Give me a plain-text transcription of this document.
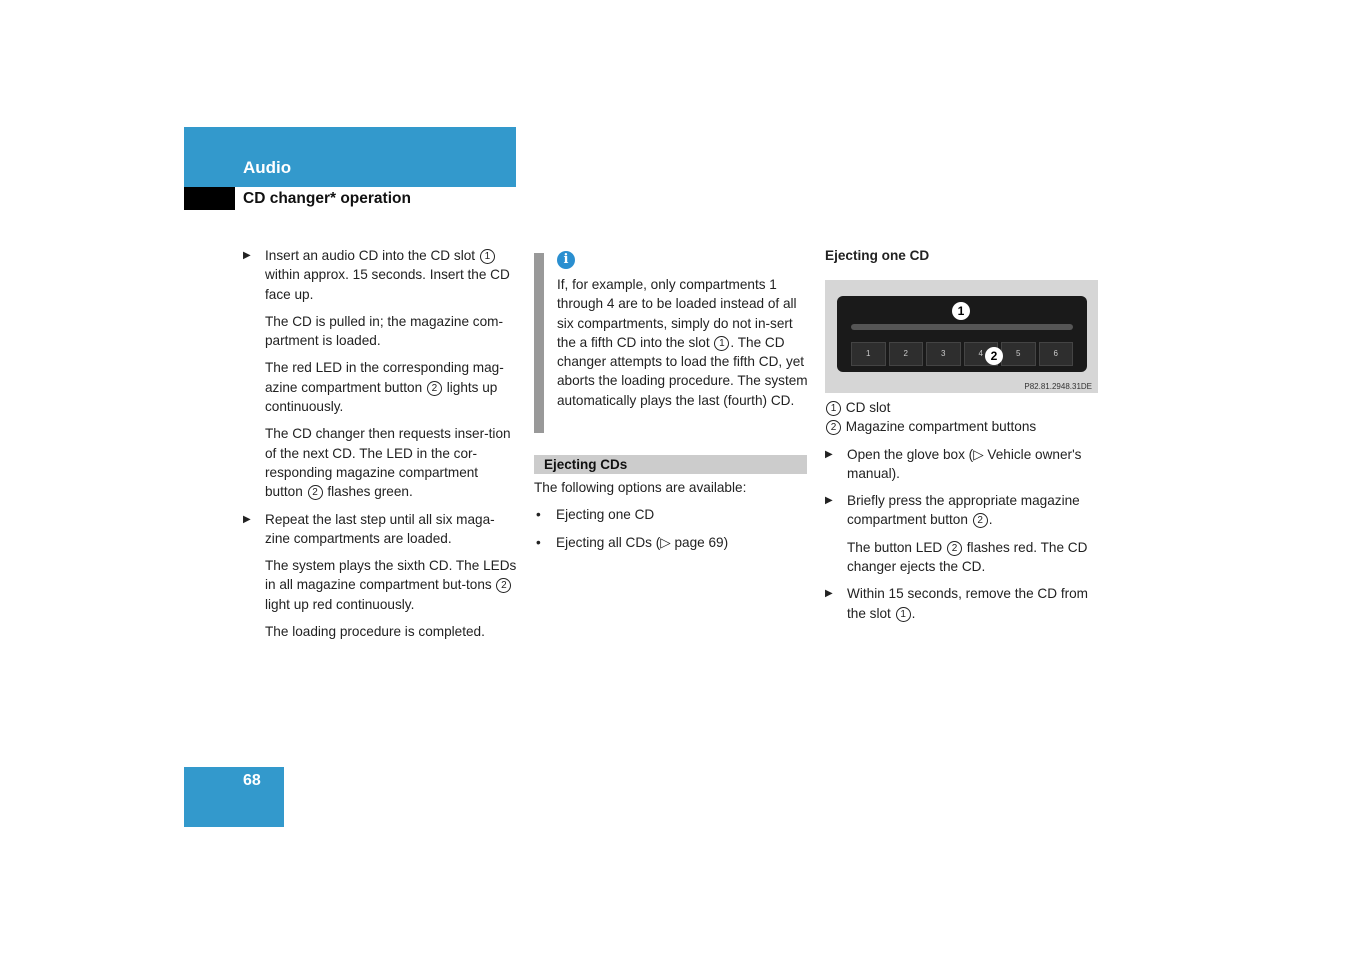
Audio
CD changer* operation

▶ Insert an audio CD into the CD slot 1 within approx. 15 seconds. Insert the CD face up.

The CD is pulled in; the magazine com-partment is loaded.

The red LED in the corresponding mag-azine compartment button 2 lights up continuously.

The CD changer then requests inser-tion of the next CD. The LED in the cor-responding magazine compartment button 2 flashes green.

▶ Repeat the last step until all six maga-zine compartments are loaded.

The system plays the sixth CD. The LEDs in all magazine compartment but-tons 2 light up red continuously.

The loading procedure is completed.

i

If, for example, only compartments 1 through 4 are to be loaded instead of all six compartments, simply do not in-sert the a fifth CD into the slot 1 . The CD changer attempts to load the fifth CD, yet aborts the loading procedure. The system automatically plays the last (fourth) CD.

Ejecting CDs

The following options are available:

• Ejecting one CD

• Ejecting all CDs (▷ page 69)

Ejecting one CD

1	2	3	4	5	6
1
2
P82.81.2948.31DE

1 CD slot

2 Magazine compartment buttons

▶ Open the glove box (▷ Vehicle owner's manual).

▶ Briefly press the appropriate magazine compartment button 2 .

The button LED 2 flashes red. The CD changer ejects the CD.

▶ Within 15 seconds, remove the CD from the slot 1 .

68
